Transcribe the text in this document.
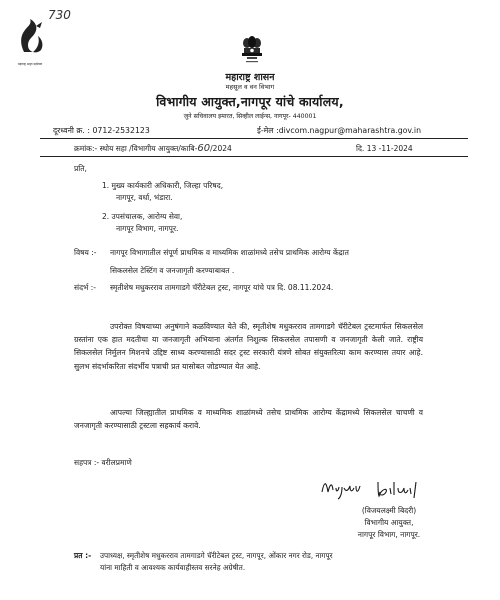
730
महाराष्ट्र अमृत महोत्सव
महाराष्ट्र शासन
महसूल व वन विभाग
विभागीय आयुक्त,नागपूर यांचे कार्यालय,
जुने सचिवालय इमारत, सिव्हील लाईन्स, नागपूर- 440001
दूरध्वनी क्र. : 0712-2532123	ई-मेल :divcom.nagpur@maharashtra.gov.in
क्रमांक:- स्थोय सहा /विभागीय आयुक्त/काबि-60/2024	दि. 13 -11-2024
प्रति,
1. मुख्य कार्यकारी अधिकारी, जिल्हा परिषद,
नागपूर, वर्धा, भंडारा.
2. उपसंचालक, आरोग्य सेवा,
नागपूर विभाग, नागपूर.
विषय :- नागपूर विभागातील संपूर्ण प्राथमिक व माध्यमिक शाळांमध्ये तसेच प्राथमिक आरोग्य केंद्रात
सिकलसेल टेस्टिंग व जनजागृती करण्याबाबत .
संदर्भ :- स्मृतीशेष मधुकरराव तामगाडगे चॅरीटेबल ट्रस्ट, नागपूर यांचे पत्र दि. 08.11.2024.
उपरोक्त विषयाच्या अनुषंगाने कळविण्यात येते की, स्मृतीशेष मधुकरराव तामगाडगे चॅरीटेबल ट्रस्टमार्फत सिकलसेल ग्रस्तांना एक हात मदतीचा या जनजागृती अभियाना अंतर्गत निशुल्क सिकलसेल तपासणी व जनजागृती केली जाते. राष्ट्रीय सिकलसेल निर्मुलन मिशनचे उद्दिष्ट साध्य करण्यासाठी सदर ट्रस्ट सरकारी यंत्रणे सोबत संयुक्तरित्या काम करण्यास तयार आहे. सुलभ संदर्भाकरिता संदर्भीय पत्राची प्रत यासोबत जोडण्यात येत आहे.
आपल्या जिल्ह्यातील प्राथमिक व माध्यमिक शाळांमध्ये तसेच प्राथमिक आरोग्य केंद्रामध्ये सिकलसेल चाचणी व जनजागृती करण्यासाठी ट्रस्टला सहकार्य करावे.
सहपत्र :- वरीलप्रमाणे
(विजयलक्ष्मी बिदरी)
विभागीय आयुक्त,
नागपूर विभाग, नागपूर.
प्रत :- उपाध्यक्ष, स्मृतीशेष मधुकरराव तामगाडगे चॅरीटेबल ट्रस्ट, नागपूर, ओंकार नगर रोड, नागपूर
यांना माहिती व आवश्यक कार्यवाहीस्तव सरनेह अग्रेषीत.
